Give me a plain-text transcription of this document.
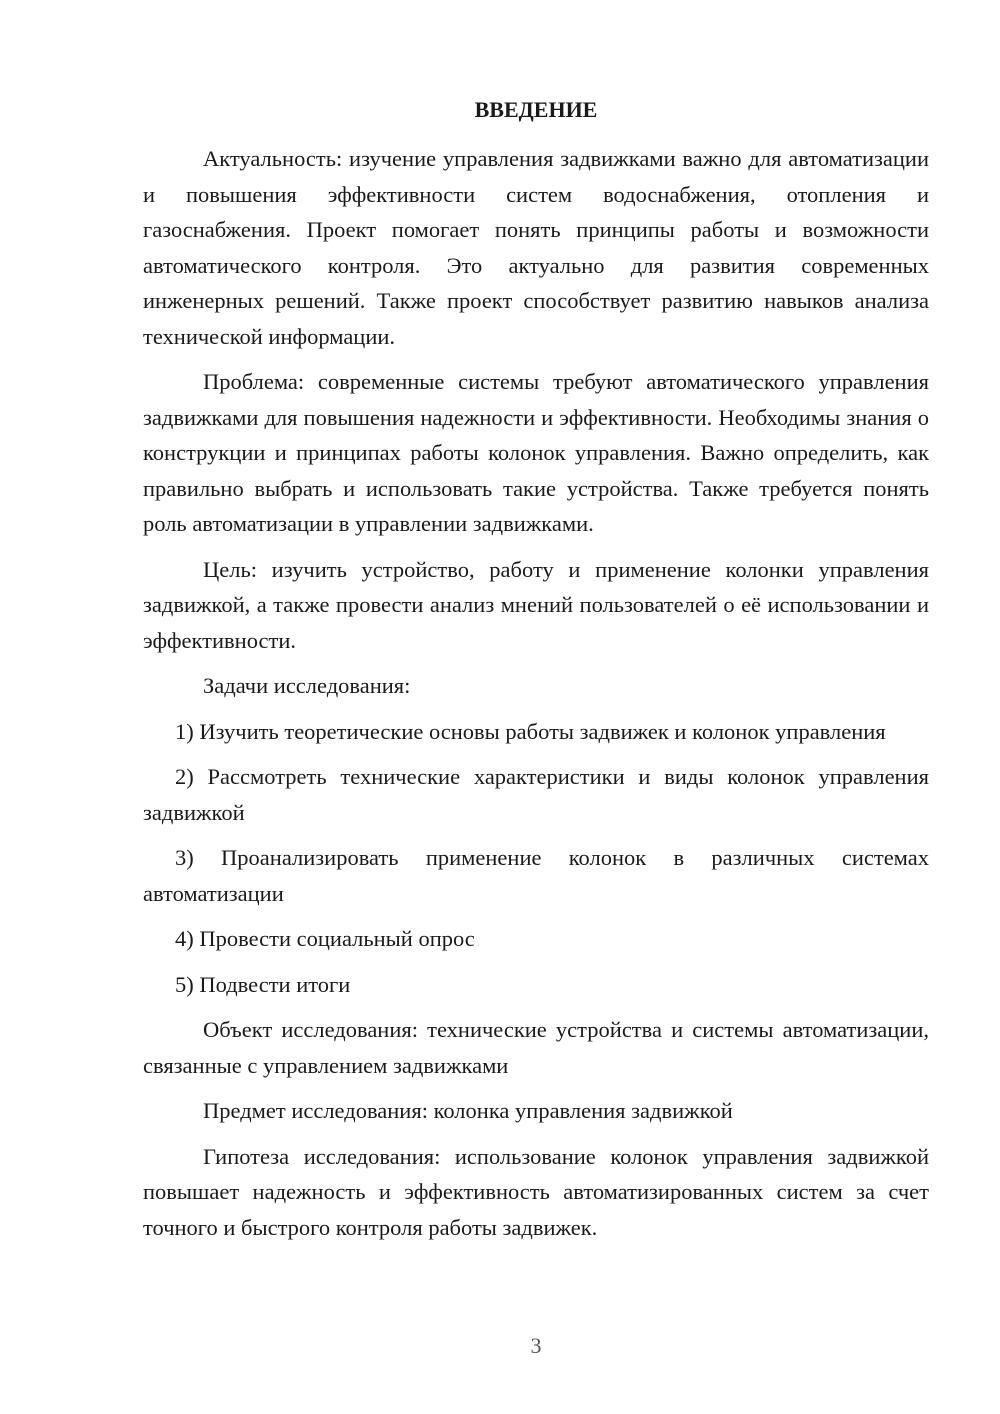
ВВЕДЕНИЕ

Актуальность: изучение управления задвижками важно для автоматизации и повышения эффективности систем водоснабжения, отопления и газоснабжения. Проект помогает понять принципы работы и возможности автоматического контроля. Это актуально для развития современных инженерных решений. Также проект способствует развитию навыков анализа технической информации.

Проблема: современные системы требуют автоматического управления задвижками для повышения надежности и эффективности. Необходимы знания о конструкции и принципах работы колонок управления. Важно определить, как правильно выбрать и использовать такие устройства. Также требуется понять роль автоматизации в управлении задвижками.

Цель: изучить устройство, работу и применение колонки управления задвижкой, а также провести анализ мнений пользователей о её использовании и эффективности.

Задачи исследования:

1) Изучить теоретические основы работы задвижек и колонок управления

2) Рассмотреть технические характеристики и виды колонок управления задвижкой

3) Проанализировать применение колонок в различных системах автоматизации

4) Провести социальный опрос

5) Подвести итоги

Объект исследования: технические устройства и системы автоматизации, связанные с управлением задвижками

Предмет исследования: колонка управления задвижкой

Гипотеза исследования: использование колонок управления задвижкой повышает надежность и эффективность автоматизированных систем за счет точного и быстрого контроля работы задвижек.

3
